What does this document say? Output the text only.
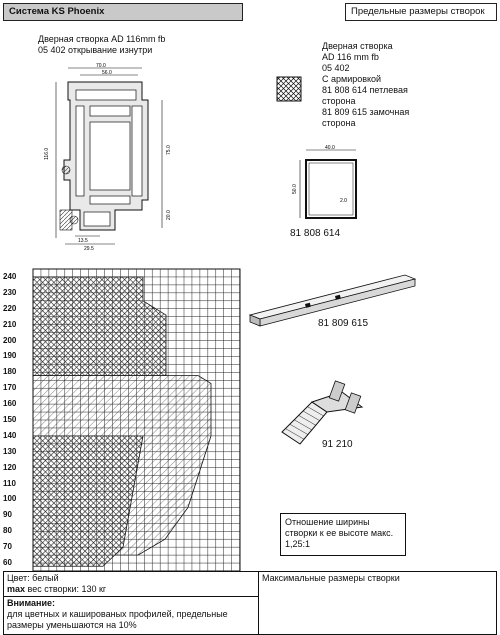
Система KS Phoenix	Предельные размеры створок
Дверная створка AD 116mm fb
05 402 открывание изнутри
70.0
56.0
116.0	75.0
20.0
13.5
29.5
Дверная створка
AD 116 mm fb
05 402
С армировкой
81 808 614 петлевая
сторона
81 809 615 замочная
сторона
40.0
50.0
2.0
81 808 614
240
230
220
210
200
190
180
170
160
150
140
130
120
110
100
90
80
70
60
81 809 615
91 210
Отношение ширины
створки к ее высоте макс.
1,25:1
Цвет: белый
max вес створки: 130 кг
	Максимальные размеры створки

Внимание:
для цветных и кашированых профилей, предельные размеры уменьшаются на 10%
